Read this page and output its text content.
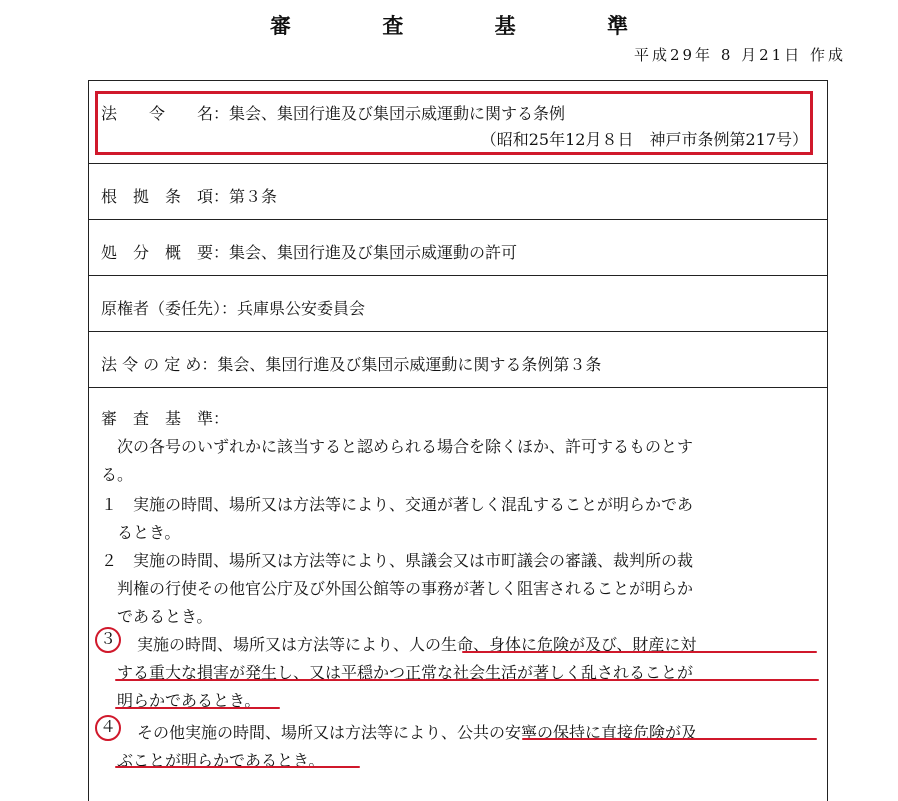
審 査 基 準
平成29年 8 月21日 作成
法　　令　　名：集会、集団行進及び集団示威運動に関する条例
（昭和25年12月８日　神戸市条例第217号）
根　拠　条　項：第３条
処　分　概　要：集会、集団行進及び集団示威運動の許可
原権者（委任先）：兵庫県公安委員会
法 令 の 定 め：集会、集団行進及び集団示威運動に関する条例第３条
審　査　基　準：
次の各号のいずれかに該当すると認められる場合を除くほか、許可するものとす
る。
１　実施の時間、場所又は方法等により、交通が著しく混乱することが明らかであ
るとき。
２　実施の時間、場所又は方法等により、県議会又は市町議会の審議、裁判所の裁
判権の行使その他官公庁及び外国公館等の事務が著しく阻害されることが明らか
であるとき。
３	実施の時間、場所又は方法等により、人の生命、身体に危険が及び、財産に対
する重大な損害が発生し、又は平穏かつ正常な社会生活が著しく乱されることが
明らかであるとき。
４	その他実施の時間、場所又は方法等により、公共の安寧の保持に直接危険が及
ぶことが明らかであるとき。
